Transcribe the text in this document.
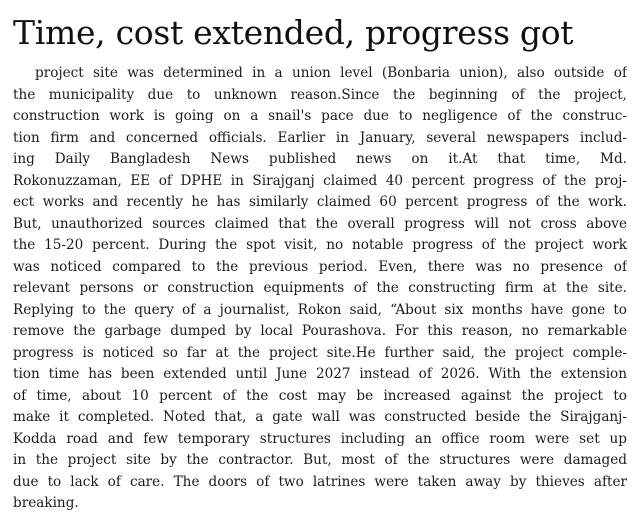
Time, cost extended, progress got
project site was determined in a union level (Bonbaria union), also outside of
the municipality due to unknown reason.Since the beginning of the project,
construction work is going on a snail's pace due to negligence of the construc-
tion firm and concerned officials. Earlier in January, several newspapers includ-
ing Daily Bangladesh News published news on it.At that time, Md.
Rokonuzzaman, EE of DPHE in Sirajganj claimed 40 percent progress of the proj-
ect works and recently he has similarly claimed 60 percent progress of the work.
But, unauthorized sources claimed that the overall progress will not cross above
the 15-20 percent. During the spot visit, no notable progress of the project work
was noticed compared to the previous period. Even, there was no presence of
relevant persons or construction equipments of the constructing firm at the site.
Replying to the query of a journalist, Rokon said, “About six months have gone to
remove the garbage dumped by local Pourashova. For this reason, no remarkable
progress is noticed so far at the project site.He further said, the project comple-
tion time has been extended until June 2027 instead of 2026. With the extension
of time, about 10 percent of the cost may be increased against the project to
make it completed. Noted that, a gate wall was constructed beside the Sirajganj-
Kodda road and few temporary structures including an office room were set up
in the project site by the contractor. But, most of the structures were damaged
due to lack of care. The doors of two latrines were taken away by thieves after
breaking.
